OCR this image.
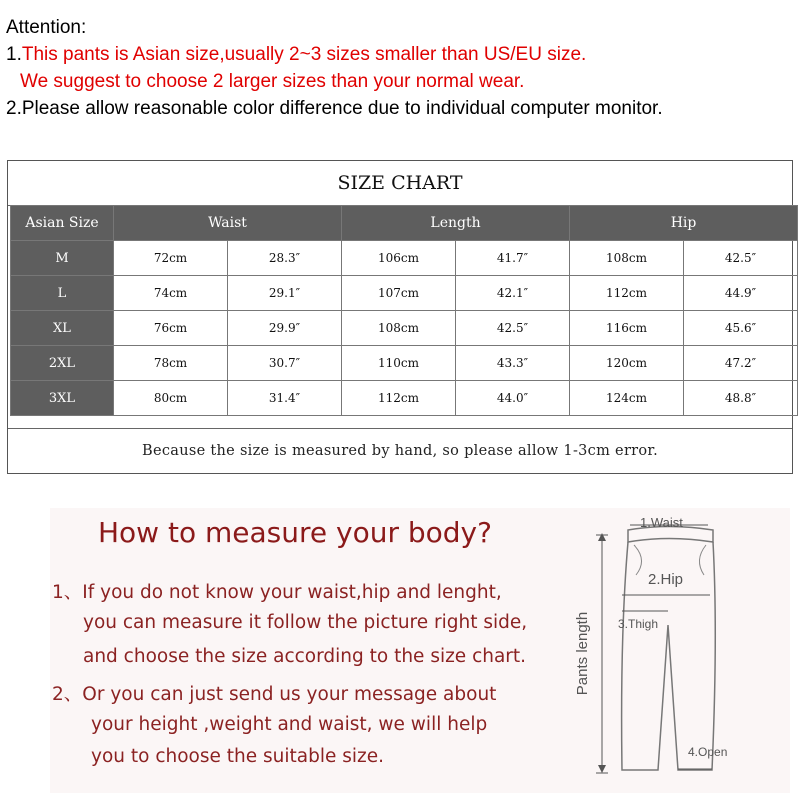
Attention:
1.This pants is Asian size,usually 2~3 sizes smaller than US/EU size.
We suggest to choose 2 larger sizes than your normal wear.
2.Please allow reasonable color difference due to individual computer monitor.
SIZE CHART
Asian Size	Waist		Length		Hip	
M	72cm	28.3″	106cm	41.7″	108cm	42.5″
L	74cm	29.1″	107cm	42.1″	112cm	44.9″
XL	76cm	29.9″	108cm	42.5″	116cm	45.6″
2XL	78cm	30.7″	110cm	43.3″	120cm	47.2″
3XL	80cm	31.4″	112cm	44.0″	124cm	48.8″
Because the size is measured by hand, so please allow 1-3cm error.
How to measure your body?
1、If you do not know your waist,hip and lenght,
you can measure it follow the picture right side,
and choose the size according to the size chart.
2、Or you can just send us your message about
your height ,weight and waist, we will help
you to choose the suitable size.
1.Waist
2.Hip
3.Thigh
4.Open
Pants length
